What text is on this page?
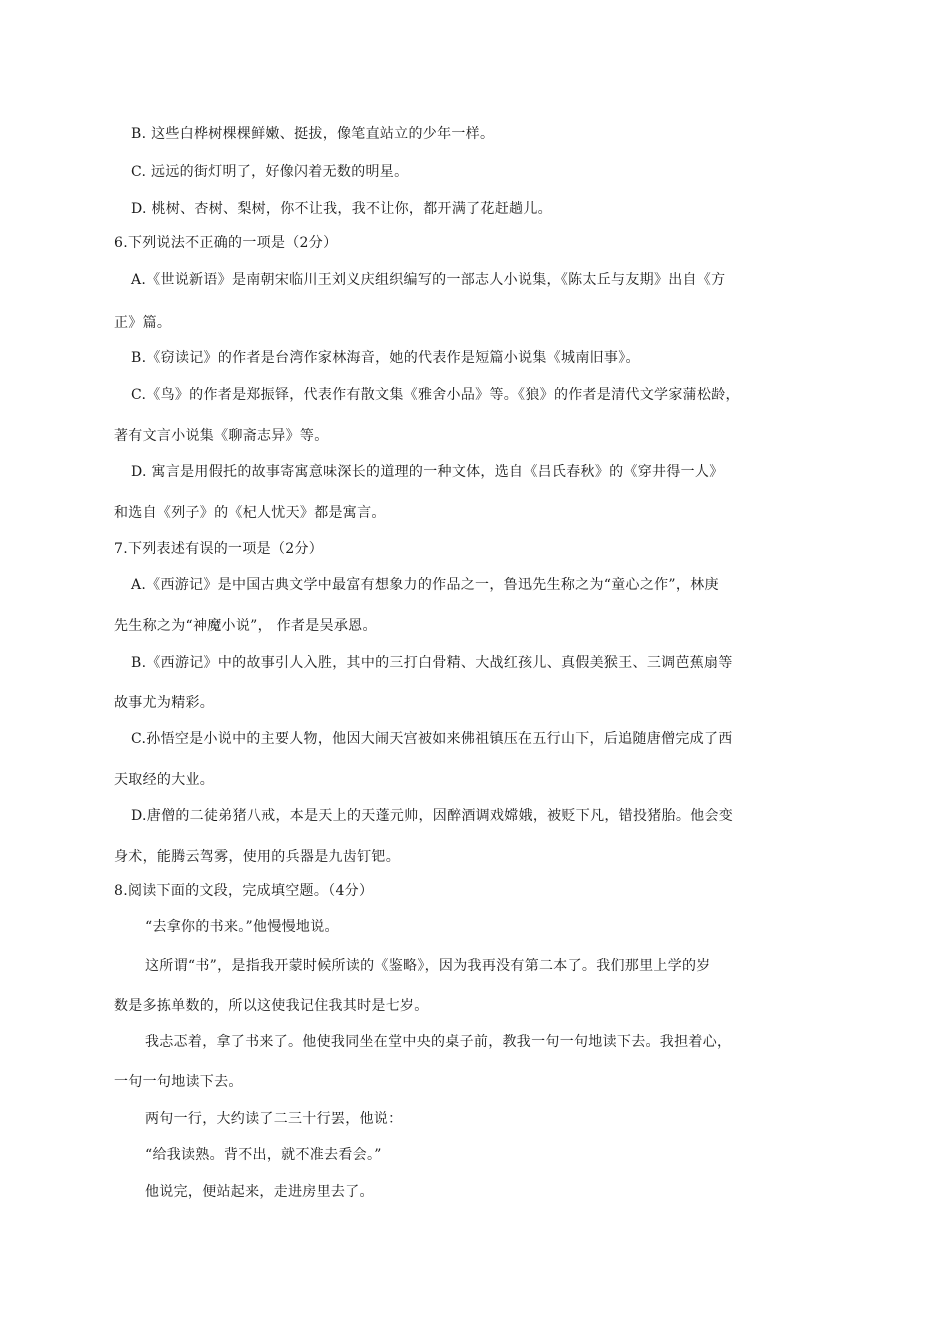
B. 这些白桦树棵棵鲜嫩、挺拔，像笔直站立的少年一样。
C. 远远的街灯明了，好像闪着无数的明星。
D. 桃树、杏树、梨树，你不让我，我不让你，都开满了花赶趟儿。
6.下列说法不正确的一项是（2分）
A.《世说新语》是南朝宋临川王刘义庆组织编写的一部志人小说集，《陈太丘与友期》出自《方
正》篇。
B.《窃读记》的作者是台湾作家林海音，她的代表作是短篇小说集《城南旧事》。
C.《鸟》的作者是郑振铎，代表作有散文集《雅舍小品》等。《狼》的作者是清代文学家蒲松龄，
著有文言小说集《聊斋志异》等。
D. 寓言是用假托的故事寄寓意味深长的道理的一种文体，选自《吕氏春秋》的《穿井得一人》
和选自《列子》的《杞人忧天》都是寓言。
7.下列表述有误的一项是（2分）
A.《西游记》是中国古典文学中最富有想象力的作品之一，鲁迅先生称之为“童心之作”，林庚
先生称之为“神魔小说”， 作者是吴承恩。
B.《西游记》中的故事引人入胜，其中的三打白骨精、大战红孩儿、真假美猴王、三调芭蕉扇等
故事尤为精彩。
C.孙悟空是小说中的主要人物，他因大闹天宫被如来佛祖镇压在五行山下，后追随唐僧完成了西
天取经的大业。
D.唐僧的二徒弟猪八戒，本是天上的天蓬元帅，因醉酒调戏嫦娥，被贬下凡，错投猪胎。他会变
身术，能腾云驾雾，使用的兵器是九齿钉钯。
8.阅读下面的文段，完成填空题。（4分）
“去拿你的书来。”他慢慢地说。
这所谓“书”，是指我开蒙时候所读的《鉴略》，因为我再没有第二本了。我们那里上学的岁
数是多拣单数的，所以这使我记住我其时是七岁。
我忐忑着，拿了书来了。他使我同坐在堂中央的桌子前，教我一句一句地读下去。我担着心，
一句一句地读下去。
两句一行，大约读了二三十行罢，他说：
“给我读熟。背不出，就不准去看会。”
他说完，便站起来，走进房里去了。
